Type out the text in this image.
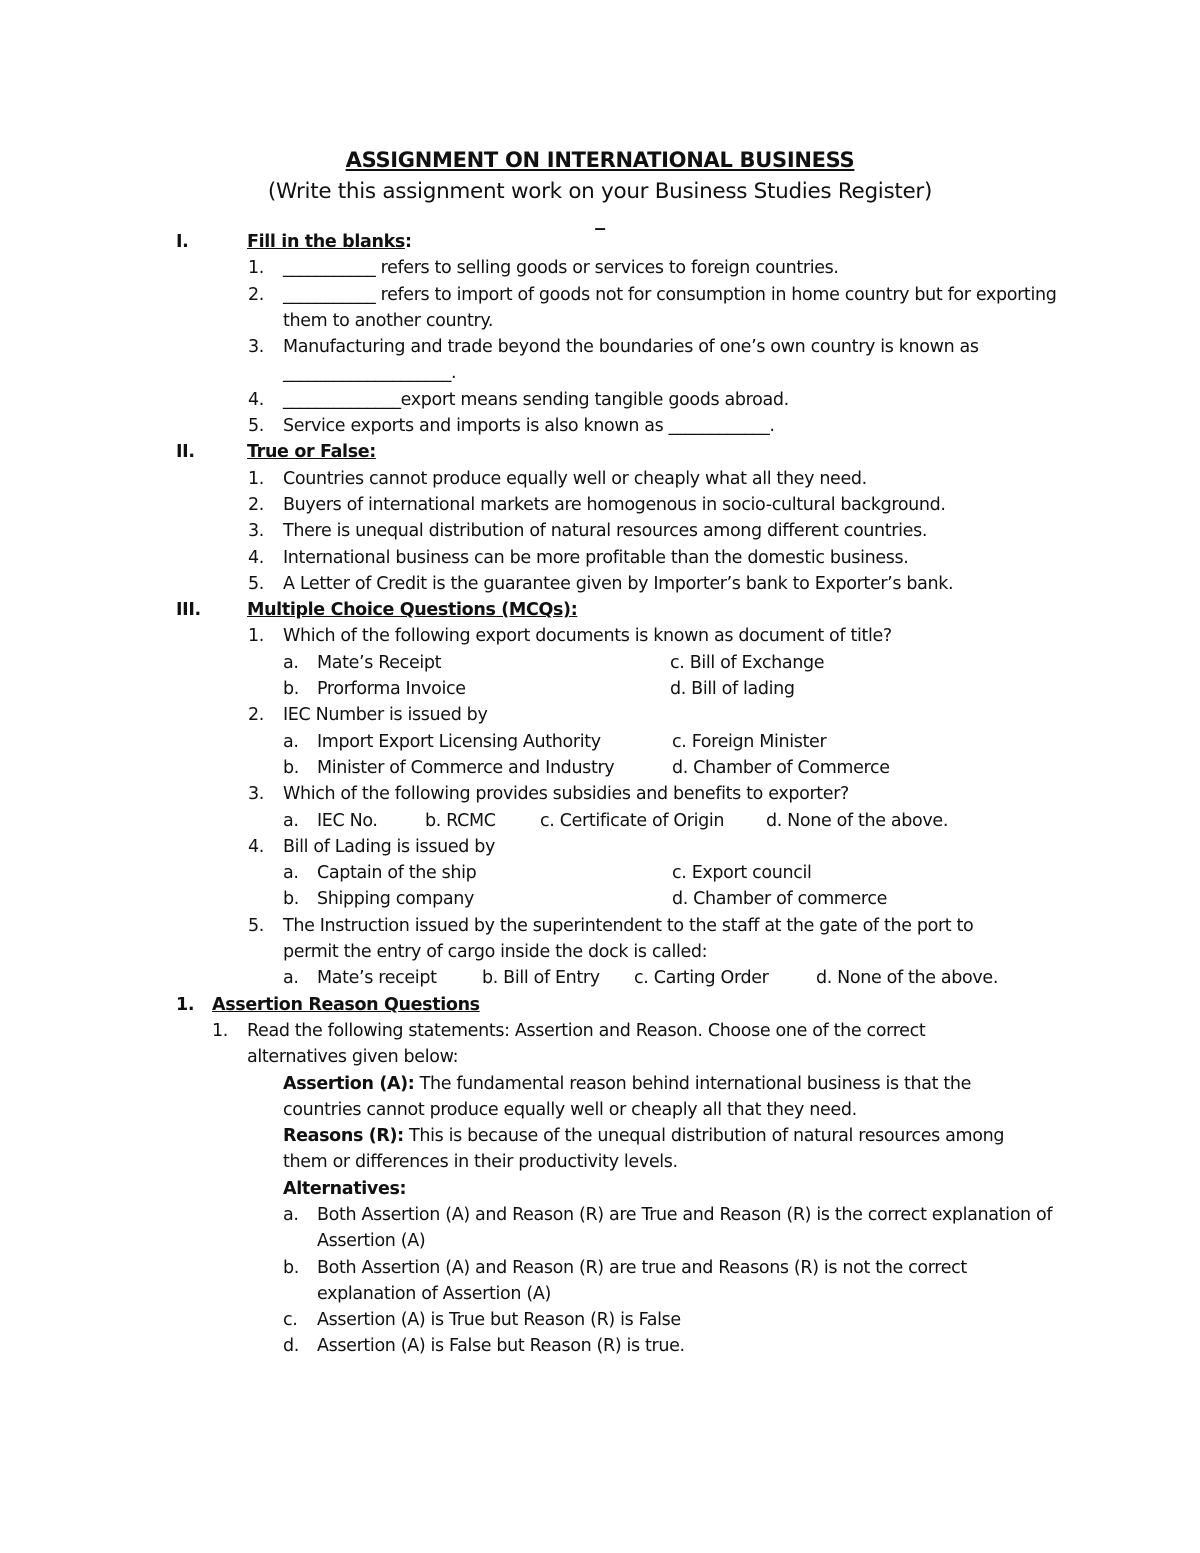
ASSIGNMENT ON INTERNATIONAL BUSINESS
(Write this assignment work on your Business Studies Register)
_
I.	Fill in the blanks:
1. ___________ refers to selling goods or services to foreign countries.
2. ___________ refers to import of goods not for consumption in home country but for exporting them to another country.
3. Manufacturing and trade beyond the boundaries of one’s own country is known as ____________________.
4. ______________export means sending tangible goods abroad.
5. Service exports and imports is also known as ____________.
II.	True or False:
1. Countries cannot produce equally well or cheaply what all they need.
2. Buyers of international markets are homogenous in socio-cultural background.
3. There is unequal distribution of natural resources among different countries.
4. International business can be more profitable than the domestic business.
5. A Letter of Credit is the guarantee given by Importer’s bank to Exporter’s bank.
III.	Multiple Choice Questions (MCQs):
1. Which of the following export documents is known as document of title?
a. Mate’s Receipt	c. Bill of Exchange
b. Prorforma Invoice	d. Bill of lading
2. IEC Number is issued by
a. Import Export Licensing Authority	c. Foreign Minister
b. Minister of Commerce and Industry	d. Chamber of Commerce
3. Which of the following provides subsidies and benefits to exporter?
a. IEC No.	b. RCMC	c. Certificate of Origin d. None of the above.
4. Bill of Lading is issued by
a. Captain of the ship	c. Export council
b. Shipping company	d. Chamber of commerce
5. The Instruction issued by the superintendent to the staff at the gate of the port to permit the entry of cargo inside the dock is called:
a. Mate’s receipt	b. Bill of Entry c. Carting Order	d. None of the above.
1. Assertion Reason Questions
1. Read the following statements: Assertion and Reason. Choose one of the correct alternatives given below:
Assertion (A): The fundamental reason behind international business is that the countries cannot produce equally well or cheaply all that they need.
Reasons (R): This is because of the unequal distribution of natural resources among them or differences in their productivity levels.
Alternatives:
a. Both Assertion (A) and Reason (R) are True and Reason (R) is the correct explanation of Assertion (A)
b. Both Assertion (A) and Reason (R) are true and Reasons (R) is not the correct explanation of Assertion (A)
c. Assertion (A) is True but Reason (R) is False
d. Assertion (A) is False but Reason (R) is true.
